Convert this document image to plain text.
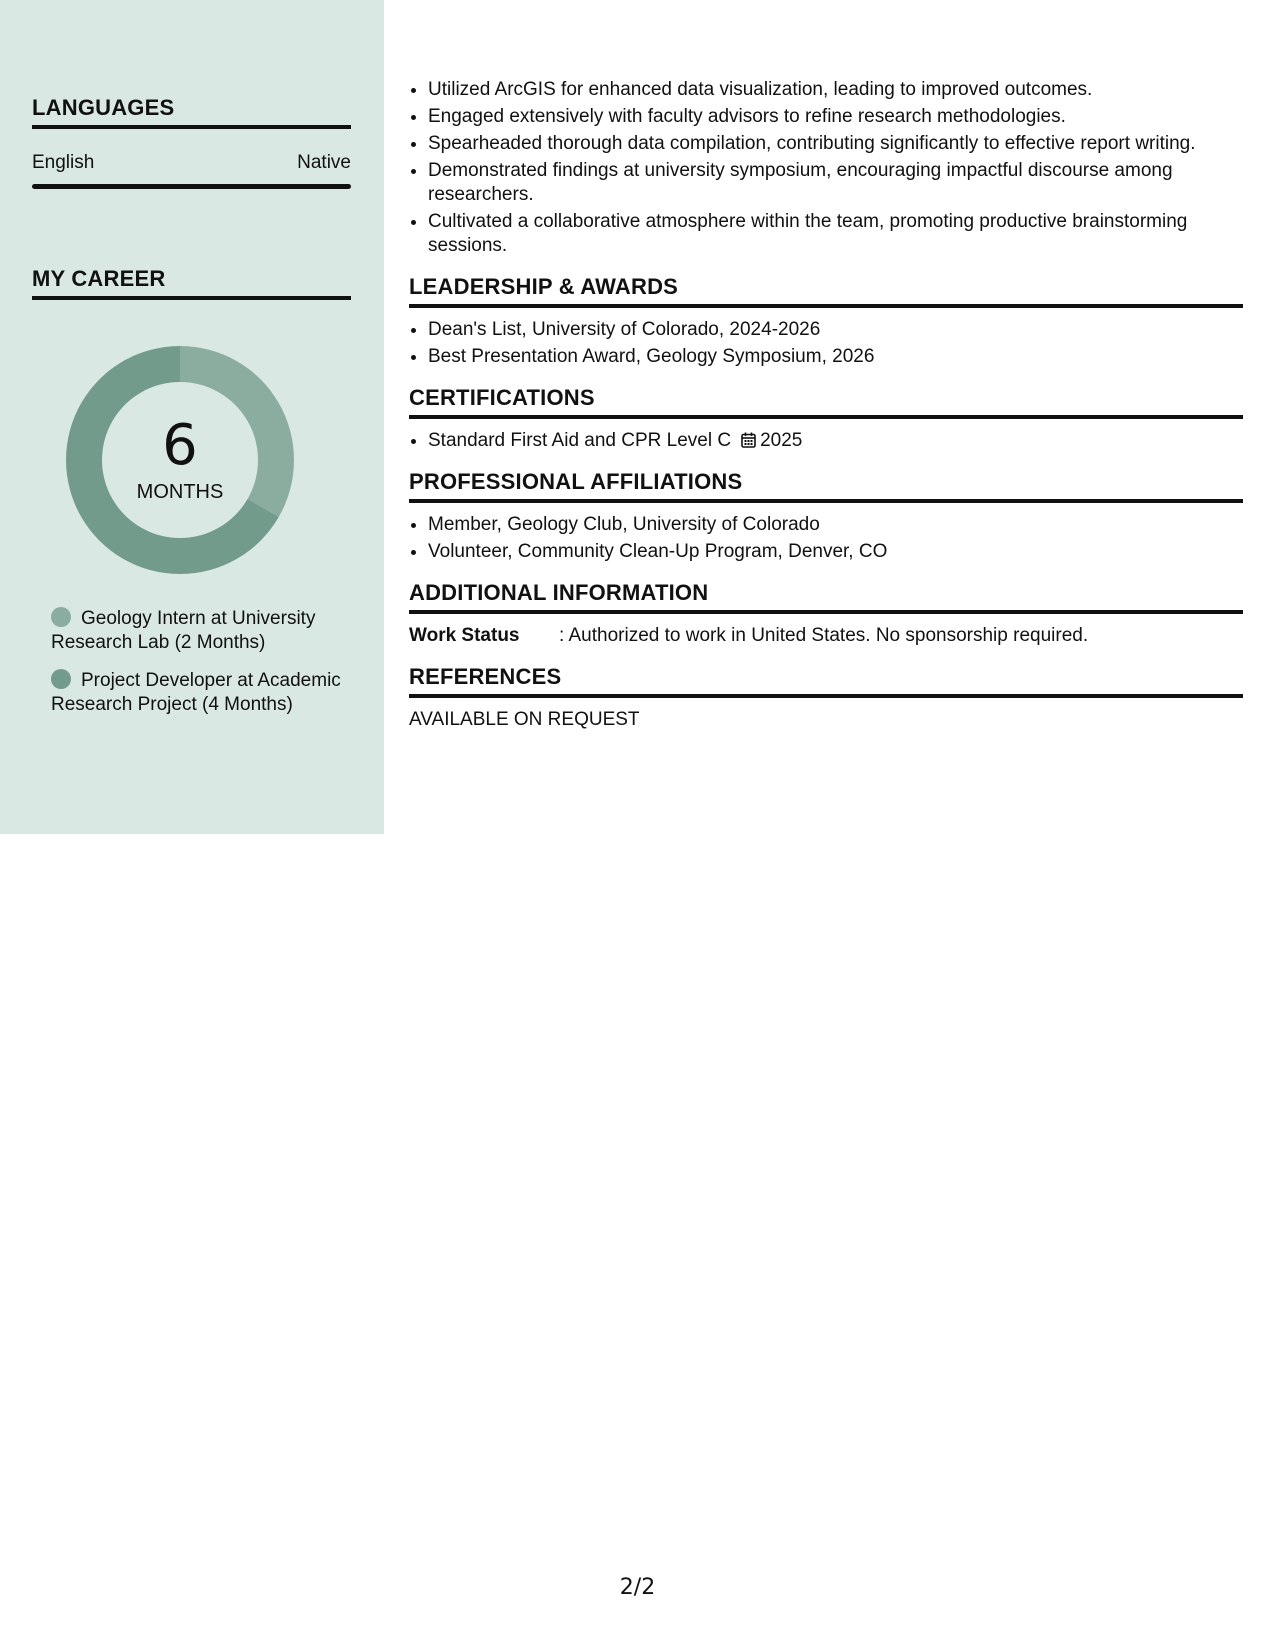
LANGUAGES
English	Native
MY CAREER
6
MONTHS
Geology Intern at University Research Lab (2 Months)
Project Developer at Academic Research Project (4 Months)
• Utilized ArcGIS for enhanced data visualization, leading to improved outcomes.
• Engaged extensively with faculty advisors to refine research methodologies.
• Spearheaded thorough data compilation, contributing significantly to effective report writing.
• Demonstrated findings at university symposium, encouraging impactful discourse among researchers.
• Cultivated a collaborative atmosphere within the team, promoting productive brainstorming sessions.
LEADERSHIP & AWARDS
• Dean's List, University of Colorado, 2024-2026
• Best Presentation Award, Geology Symposium, 2026
CERTIFICATIONS
• Standard First Aid and CPR Level C 2025
PROFESSIONAL AFFILIATIONS
• Member, Geology Club, University of Colorado
• Volunteer, Community Clean-Up Program, Denver, CO
ADDITIONAL INFORMATION
Work Status	: Authorized to work in United States. No sponsorship required.
REFERENCES
AVAILABLE ON REQUEST
2/2
